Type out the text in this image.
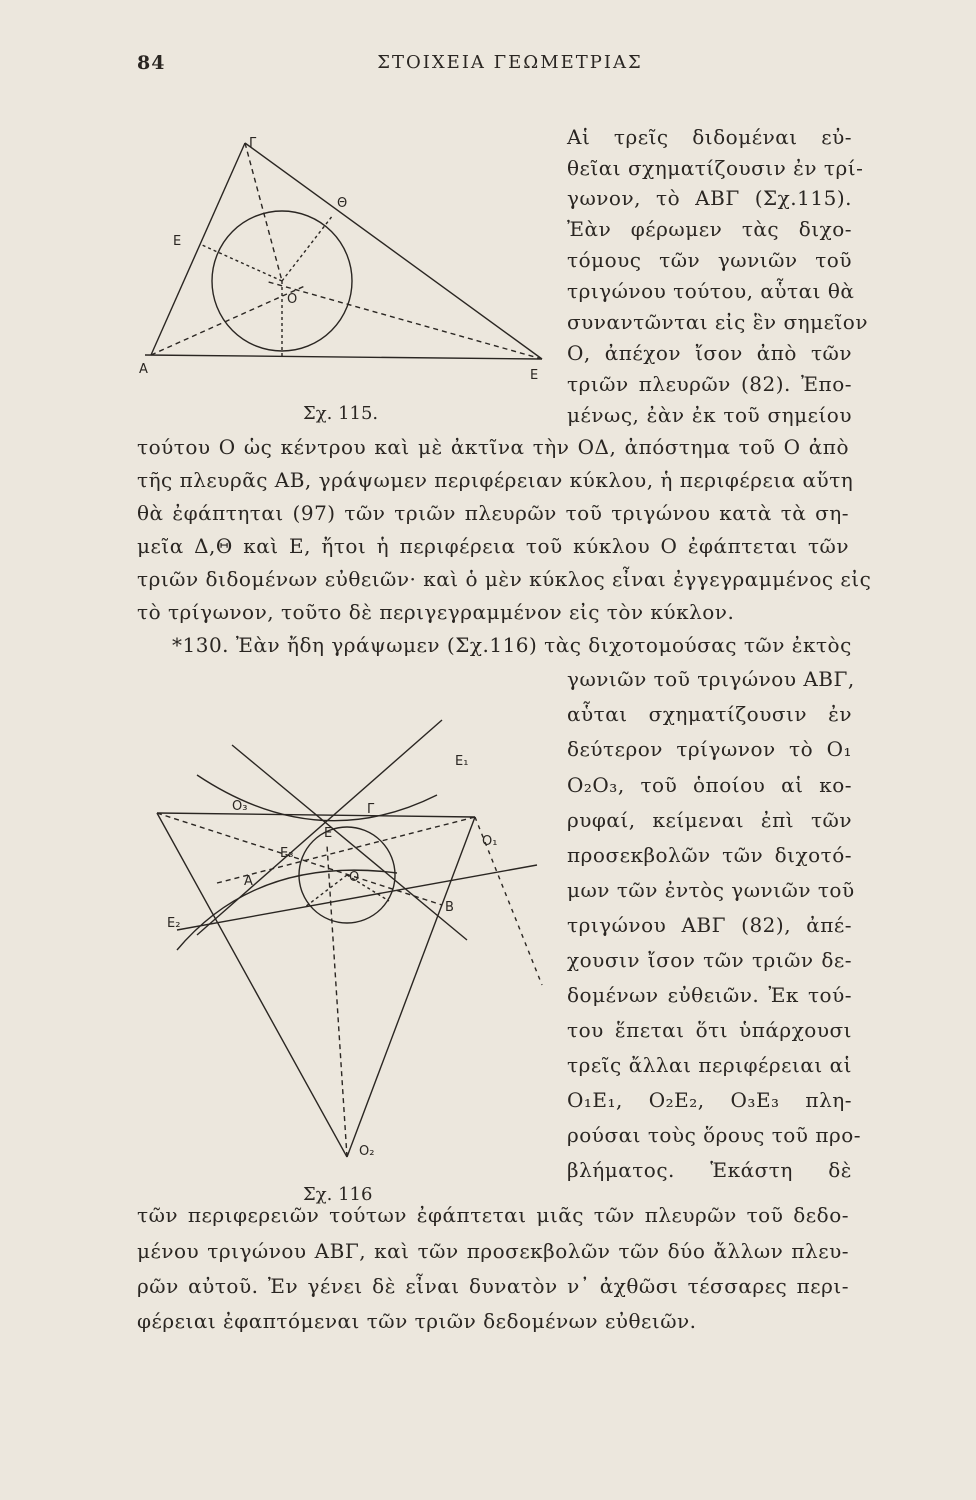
84	ΣΤΟΙΧΕΙΑ ΓΕΩΜΕΤΡΙΑΣ
Γ
Θ
Ε
Ο
Α	Ε
Σχ. 115.
Αἱ τρεῖς διδομέναι εὐ-
θεῖαι σχηματίζουσιν ἐν τρί-
γωνον, τὸ ΑΒΓ (Σχ.115).
Ἐὰν φέρωμεν τὰς διχο-
τόμους τῶν γωνιῶν τοῦ
τριγώνου τούτου, αὗται θὰ
συναντῶνται εἰς ἓν σημεῖον
Ο, ἀπέχον ἴσον ἀπὸ τῶν
τριῶν πλευρῶν (82). Ἐπο-
μένως, ἐὰν ἐκ τοῦ σημείου
τούτου Ο ὡς κέντρου καὶ μὲ ἀκτῖνα τὴν ΟΔ, ἀπόστημα τοῦ Ο ἀπὸ
τῆς πλευρᾶς ΑΒ, γράψωμεν περιφέρειαν κύκλου, ἡ περιφέρεια αὕτη
θὰ ἐφάπτηται (97) τῶν τριῶν πλευρῶν τοῦ τριγώνου κατὰ τὰ ση-
μεῖα Δ,Θ καὶ Ε, ἤτοι ἡ περιφέρεια τοῦ κύκλου Ο ἐφάπτεται τῶν
τριῶν διδομένων εὐθειῶν· καὶ ὁ μὲν κύκλος εἶναι ἐγγεγραμμένος εἰς
τὸ τρίγωνον, τοῦτο δὲ περιγεγραμμένον εἰς τὸν κύκλον.
*130. Ἐὰν ἤδη γράψωμεν (Σχ.116) τὰς διχοτομούσας τῶν ἐκτὸς
Ε₁
Ο₃	Γ
Ε
Ο₁
Ε₃
Α	Ο
Ε₂
Β
Ο₂
Σχ. 116
γωνιῶν τοῦ τριγώνου ΑΒΓ,
αὗται σχηματίζουσιν ἐν
δεύτερον τρίγωνον τὸ Ο₁
Ο₂Ο₃, τοῦ ὁποίου αἱ κο-
ρυφαί, κείμεναι ἐπὶ τῶν
προσεκβολῶν τῶν διχοτό-
μων τῶν ἐντὸς γωνιῶν τοῦ
τριγώνου ΑΒΓ (82), ἀπέ-
χουσιν ἴσον τῶν τριῶν δε-
δομένων εὐθειῶν. Ἐκ τού-
του ἕπεται ὅτι ὑπάρχουσι
τρεῖς ἄλλαι περιφέρειαι αἱ
Ο₁Ε₁, Ο₂Ε₂, Ο₃Ε₃ πλη-
ρούσαι τοὺς ὅρους τοῦ προ-
βλήματος. Ἑκάστη δὲ
τῶν περιφερειῶν τούτων ἐφάπτεται μιᾶς τῶν πλευρῶν τοῦ δεδο-
μένου τριγώνου ΑΒΓ, καὶ τῶν προσεκβολῶν τῶν δύο ἄλλων πλευ-
ρῶν αὐτοῦ. Ἐν γένει δὲ εἶναι δυνατὸν ν᾿ ἀχθῶσι τέσσαρες περι-
φέρειαι ἐφαπτόμεναι τῶν τριῶν δεδομένων εὐθειῶν.
